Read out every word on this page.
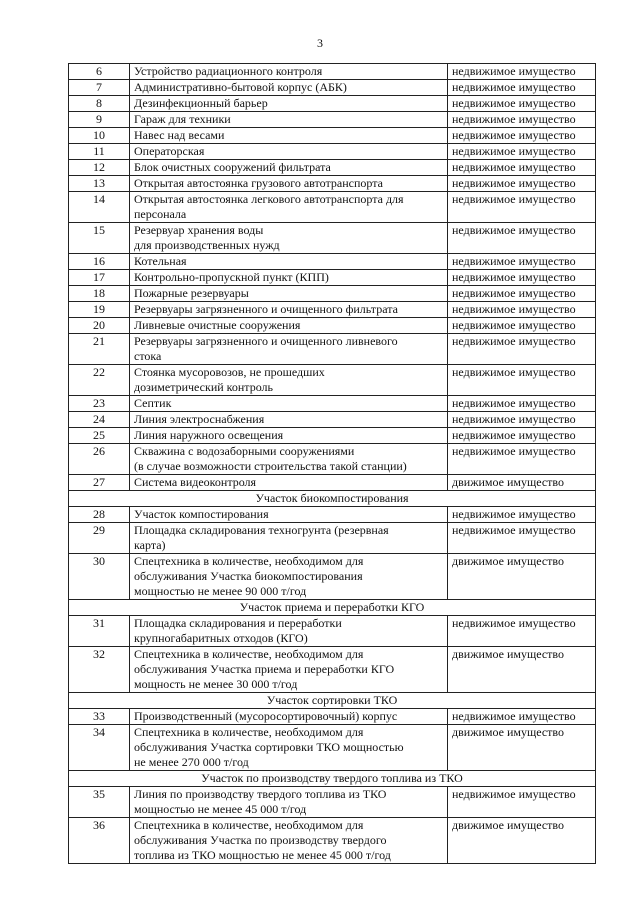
3
6	Устройство радиационного контроля	недвижимое имущество
7	Административно-бытовой корпус (АБК)	недвижимое имущество
8	Дезинфекционный барьер	недвижимое имущество
9	Гараж для техники	недвижимое имущество
10	Навес над весами	недвижимое имущество
11	Операторская	недвижимое имущество
12	Блок очистных сооружений фильтрата	недвижимое имущество
13	Открытая автостоянка грузового автотранспорта	недвижимое имущество
14	Открытая автостоянка легкового автотранспорта для
персонала	недвижимое имущество
15	Резервуар хранения воды
для производственных нужд	недвижимое имущество
16	Котельная	недвижимое имущество
17	Контрольно-пропускной пункт (КПП)	недвижимое имущество
18	Пожарные резервуары	недвижимое имущество
19	Резервуары загрязненного и очищенного фильтрата	недвижимое имущество
20	Ливневые очистные сооружения	недвижимое имущество
21	Резервуары загрязненного и очищенного ливневого
стока	недвижимое имущество
22	Стоянка мусоровозов, не прошедших
дозиметрический контроль	недвижимое имущество
23	Септик	недвижимое имущество
24	Линия электроснабжения	недвижимое имущество
25	Линия наружного освещения	недвижимое имущество
26	Скважина с водозаборными сооружениями
(в случае возможности строительства такой станции)	недвижимое имущество
27	Система видеоконтроля	движимое имущество
Участок биокомпостирования		
28	Участок компостирования	недвижимое имущество
29	Площадка складирования техногрунта (резервная
карта)	недвижимое имущество
30	Спецтехника в количестве, необходимом для
обслуживания Участка биокомпостирования
мощностью не менее 90 000 т/год	движимое имущество
Участок приема и переработки КГО		
31	Площадка складирования и переработки
крупногабаритных отходов (КГО)	недвижимое имущество
32	Спецтехника в количестве, необходимом для
обслуживания Участка приема и переработки КГО
мощность не менее 30 000 т/год	движимое имущество
Участок сортировки ТКО		
33	Производственный (мусоросортировочный) корпус	недвижимое имущество
34	Спецтехника в количестве, необходимом для
обслуживания Участка сортировки ТКО мощностью
не менее 270 000 т/год	движимое имущество
Участок по производству твердого топлива из ТКО		
35	Линия по производству твердого топлива из ТКО
мощностью не менее 45 000 т/год	недвижимое имущество
36	Спецтехника в количестве, необходимом для
обслуживания Участка по производству твердого
топлива из ТКО мощностью не менее 45 000 т/год	движимое имущество
